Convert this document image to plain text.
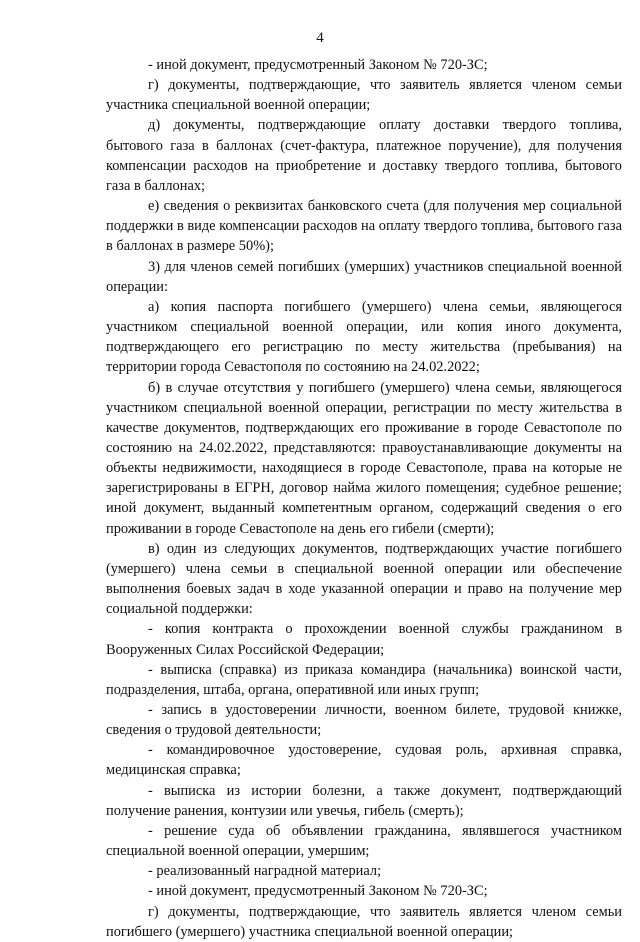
4

- иной документ, предусмотренный Законом № 720-ЗС;

г) документы, подтверждающие, что заявитель является членом семьи участника специальной военной операции;

д) документы, подтверждающие оплату доставки твердого топлива, бытового газа в баллонах (счет-фактура, платежное поручение), для получения компенсации расходов на приобретение и доставку твердого топлива, бытового газа в баллонах;

е) сведения о реквизитах банковского счета (для получения мер социальной поддержки в виде компенсации расходов на оплату твердого топлива, бытового газа в баллонах в размере 50%);

3) для членов семей погибших (умерших) участников специальной военной операции:

а) копия паспорта погибшего (умершего) члена семьи, являющегося участником специальной военной операции, или копия иного документа, подтверждающего его регистрацию по месту жительства (пребывания) на территории города Севастополя по состоянию на 24.02.2022;

б) в случае отсутствия у погибшего (умершего) члена семьи, являющегося участником специальной военной операции, регистрации по месту жительства в качестве документов, подтверждающих его проживание в городе Севастополе по состоянию на 24.02.2022, представляются: правоустанавливающие документы на объекты недвижимости, находящиеся в городе Севастополе, права на которые не зарегистрированы в ЕГРН, договор найма жилого помещения; судебное решение; иной документ, выданный компетентным органом, содержащий сведения о его проживании в городе Севастополе на день его гибели (смерти);

в) один из следующих документов, подтверждающих участие погибшего (умершего) члена семьи в специальной военной операции или обеспечение выполнения боевых задач в ходе указанной операции и право на получение мер социальной поддержки:

- копия контракта о прохождении военной службы гражданином в Вооруженных Силах Российской Федерации;

- выписка (справка) из приказа командира (начальника) воинской части, подразделения, штаба, органа, оперативной или иных групп;

- запись в удостоверении личности, военном билете, трудовой книжке, сведения о трудовой деятельности;

- командировочное удостоверение, судовая роль, архивная справка, медицинская справка;

- выписка из истории болезни, а также документ, подтверждающий получение ранения, контузии или увечья, гибель (смерть);

- решение суда об объявлении гражданина, являвшегося участником специальной военной операции, умершим;

- реализованный наградной материал;

- иной документ, предусмотренный Законом № 720-ЗС;

г) документы, подтверждающие, что заявитель является членом семьи погибшего (умершего) участника специальной военной операции;
